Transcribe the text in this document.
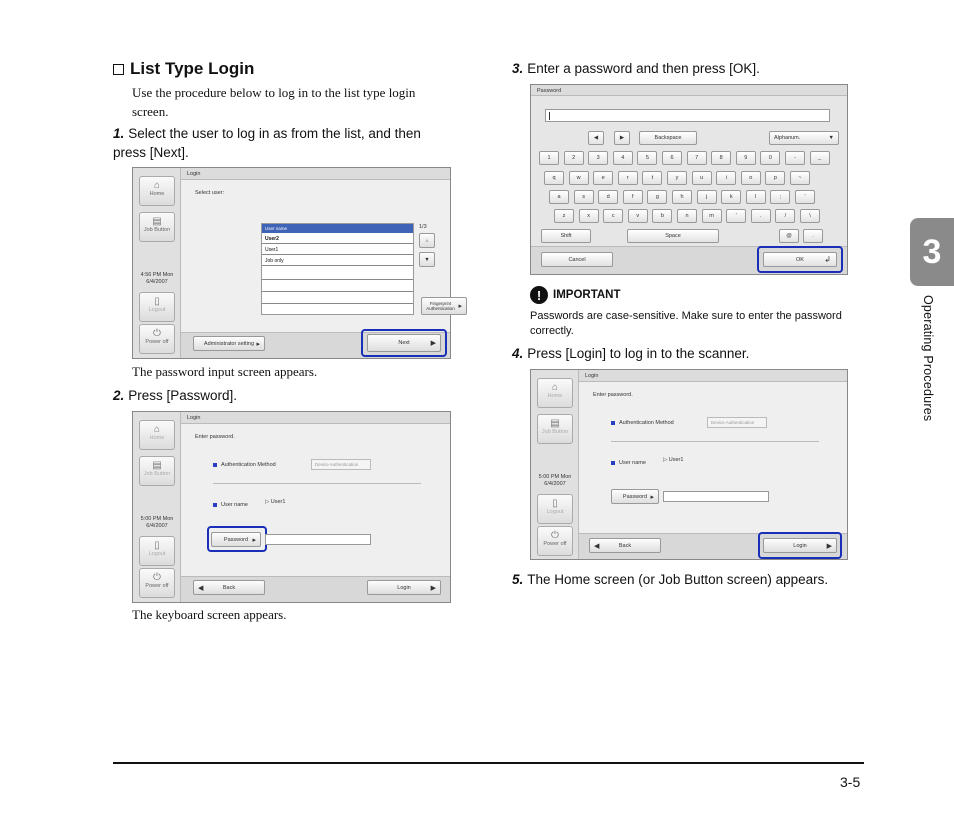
List Type Login
Use the procedure below to log in to the list type login screen.
1. Select the user to log in as from the list, and then press [Next].
⌂
Home
▤
Job Button
4:56 PM Mon
6/4/2007
▯
Logout
⏻
Power off
Login
Select user:
User name
User2
User1
Job only
1/3
▲
▼
Fingerprint Authentication ▸
Administrator setting ▸	Next	▶
The password input screen appears.
2. Press [Password].
⌂
Home
▤
Job Button
5:00 PM Mon
6/4/2007
▯
Logout
⏻
Power off
Login
Enter password.
Authentication Method	Device Authentication
User name	▷ User1
Password ▸
◀	Back	Login	▶
The keyboard screen appears.
3. Enter a password and then press [OK].
Password
◀	▶	Backspace	Alphanum.	▼
1	2	3	4	5	6	7	8	9	0	-	_
q	w	e	r	t	y	u	i	o	p	~
a	s	d	f	g	h	j	k	l	;	'
z	x	c	v	b	n	m	'	.	/	\
Shift	Space	@	.
Cancel	OK	↲
!	IMPORTANT
Passwords are case-sensitive. Make sure to enter the password correctly.
4. Press [Login] to log in to the scanner.
⌂
Home
▤
Job Button
5:00 PM Mon
6/4/2007
▯
Logout
⏻
Power off
Login
Enter password.
Authentication Method	Device Authentication
User name	▷ User1
Password ▸
◀	Back	Login	▶
5. The Home screen (or Job Button screen) appears.
3
Operating Procedures
3-5
